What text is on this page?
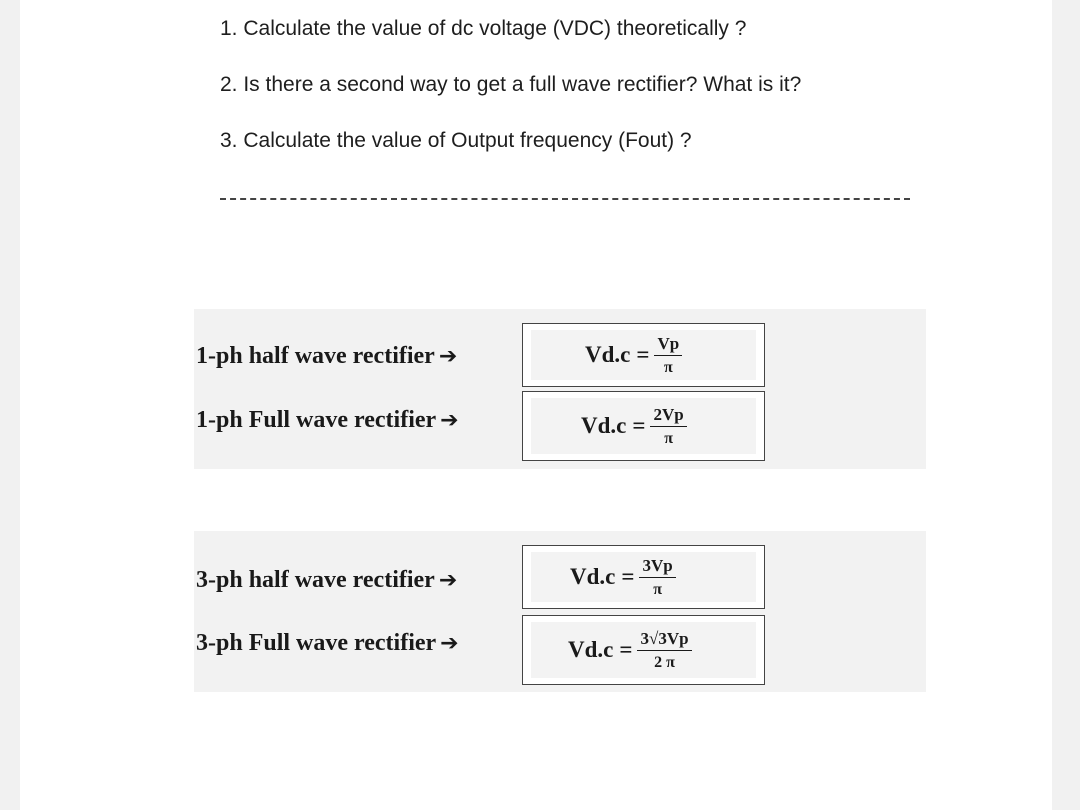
1. Calculate the value of dc voltage (VDC) theoretically ?
2. Is there a second way to get a full wave rectifier? What is it?
3. Calculate the value of Output frequency (Fout) ?
1-ph half wave rectifier ➔	$Vd.c = \frac{Vp}{\pi}$
1-ph Full wave rectifier ➔	$Vd.c = \frac{2Vp}{\pi}$
3-ph half wave rectifier ➔	$Vd.c = \frac{3Vp}{\pi}$
3-ph Full wave rectifier ➔	$Vd.c = \frac{3√3Vp}{2 \pi}$
